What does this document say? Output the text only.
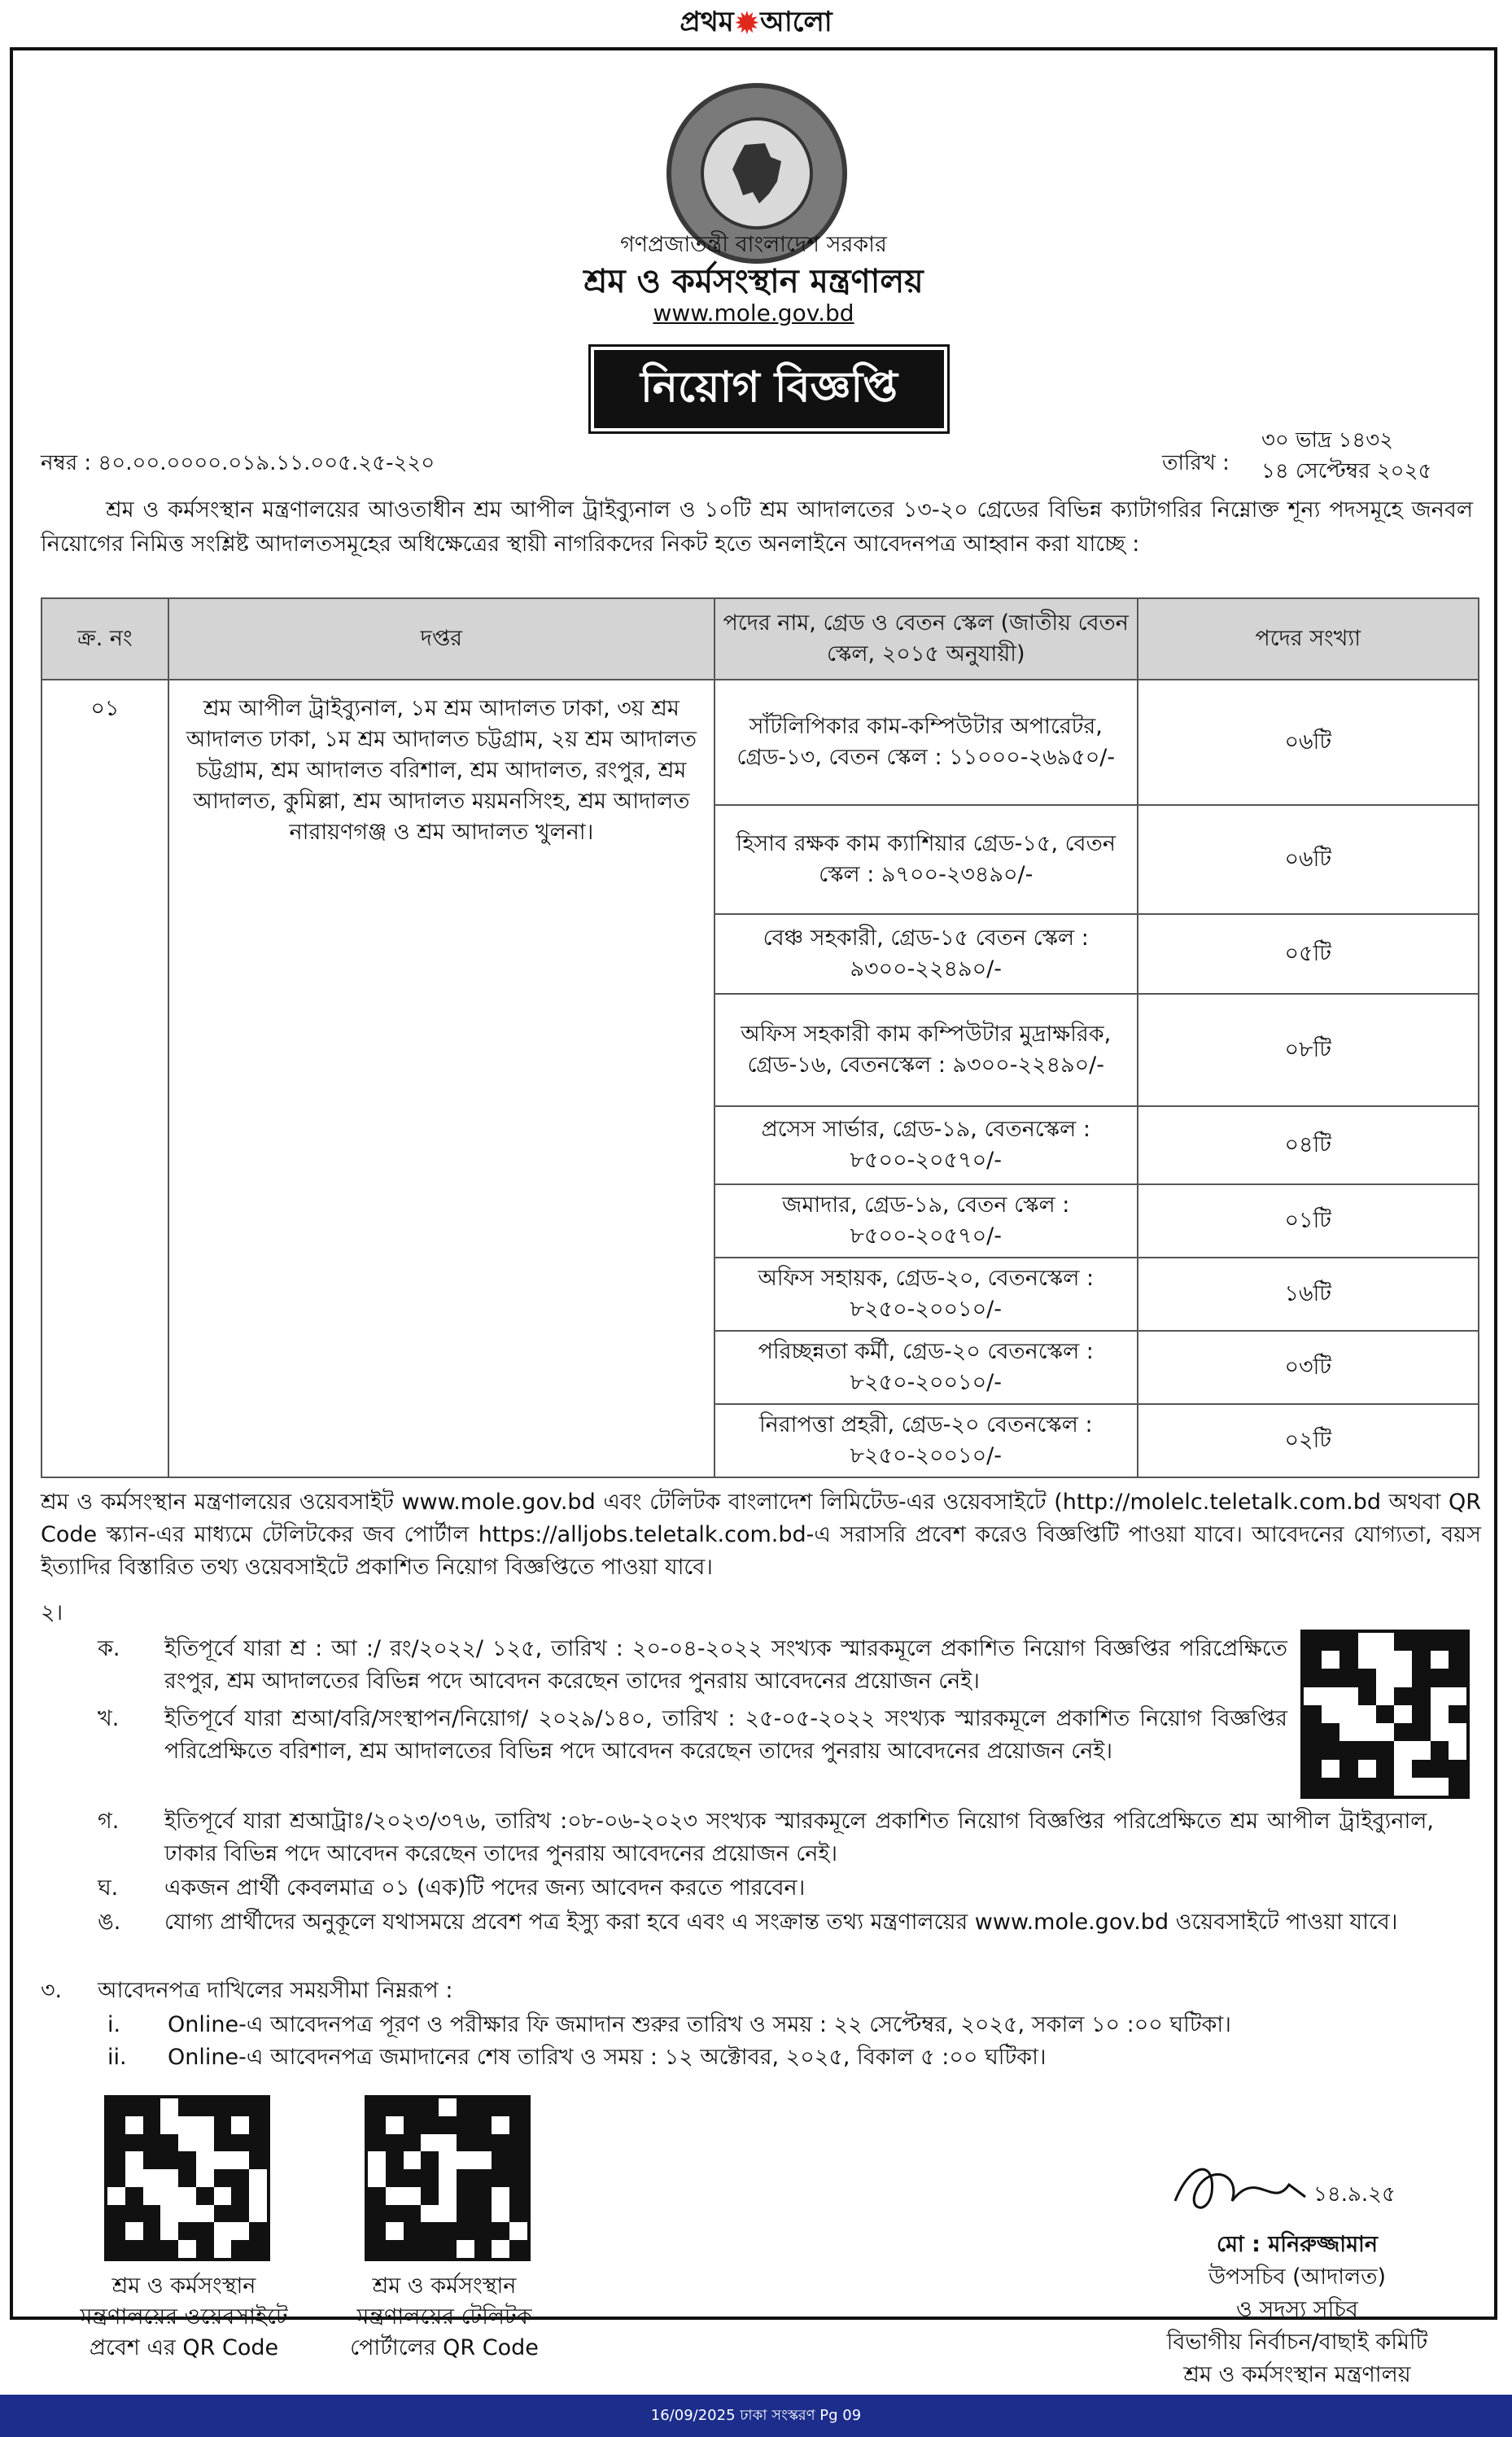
প্রথম ✹ আলো
গণপ্রজাতন্ত্রী বাংলাদেশ সরকার
শ্রম ও কর্মসংস্থান মন্ত্রণালয়
www.mole.gov.bd
নিয়োগ বিজ্ঞপ্তি
নম্বর : ৪০.০০.০০০০.০১৯.১১.০০৫.২৫-২২০	তারিখ :
৩০ ভাদ্র ১৪৩২
১৪ সেপ্টেম্বর ২০২৫
শ্রম ও কর্মসংস্থান মন্ত্রণালয়ের আওতাধীন শ্রম আপীল ট্রাইব্যুনাল ও ১০টি শ্রম আদালতের ১৩-২০ গ্রেডের বিভিন্ন ক্যাটাগরির নিম্নোক্ত শূন্য পদসমূহে জনবল নিয়োগের নিমিত্ত সংশ্লিষ্ট আদালতসমূহের অধিক্ষেত্রের স্থায়ী নাগরিকদের নিকট হতে অনলাইনে আবেদনপত্র আহ্বান করা যাচ্ছে :
ক্র. নং	দপ্তর	পদের নাম, গ্রেড ও বেতন স্কেল (জাতীয় বেতন স্কেল, ২০১৫ অনুযায়ী)	পদের সংখ্যা
০১	শ্রম আপীল ট্রাইব্যুনাল, ১ম শ্রম আদালত ঢাকা, ৩য় শ্রম আদালত ঢাকা, ১ম শ্রম আদালত চট্টগ্রাম, ২য় শ্রম আদালত চট্টগ্রাম, শ্রম আদালত বরিশাল, শ্রম আদালত, রংপুর, শ্রম আদালত, কুমিল্লা, শ্রম আদালত ময়মনসিংহ, শ্রম আদালত নারায়ণগঞ্জ ও শ্রম আদালত খুলনা।	সাঁটলিপিকার কাম-কম্পিউটার অপারেটর, গ্রেড-১৩, বেতন স্কেল : ১১০০০-২৬৯৫০/-	০৬টি
		হিসাব রক্ষক কাম ক্যাশিয়ার গ্রেড-১৫, বেতন স্কেল : ৯৭০০-২৩৪৯০/-	০৬টি
		বেঞ্চ সহকারী, গ্রেড-১৫ বেতন স্কেল : ৯৩০০-২২৪৯০/-	০৫টি
		অফিস সহকারী কাম কম্পিউটার মুদ্রাক্ষরিক, গ্রেড-১৬, বেতনস্কেল : ৯৩০০-২২৪৯০/-	০৮টি
		প্রসেস সার্ভার, গ্রেড-১৯, বেতনস্কেল : ৮৫০০-২০৫৭০/-	০৪টি
		জমাদার, গ্রেড-১৯, বেতন স্কেল : ৮৫০০-২০৫৭০/-	০১টি
		অফিস সহায়ক, গ্রেড-২০, বেতনস্কেল : ৮২৫০-২০০১০/-	১৬টি
		পরিচ্ছন্নতা কর্মী, গ্রেড-২০ বেতনস্কেল : ৮২৫০-২০০১০/-	০৩টি
		নিরাপত্তা প্রহরী, গ্রেড-২০ বেতনস্কেল : ৮২৫০-২০০১০/-	০২টি
শ্রম ও কর্মসংস্থান মন্ত্রণালয়ের ওয়েবসাইট www.mole.gov.bd এবং টেলিটক বাংলাদেশ লিমিটেড-এর ওয়েবসাইটে (http://molelc.teletalk.com.bd অথবা QR Code স্ক্যান-এর মাধ্যমে টেলিটকের জব পোর্টাল https://alljobs.teletalk.com.bd-এ সরাসরি প্রবেশ করেও বিজ্ঞপ্তিটি পাওয়া যাবে। আবেদনের যোগ্যতা, বয়স ইত্যাদির বিস্তারিত তথ্য ওয়েবসাইটে প্রকাশিত নিয়োগ বিজ্ঞপ্তিতে পাওয়া যাবে।
২।
ক. ইতিপূর্বে যারা শ্র : আ :/ রং/২০২২/ ১২৫, তারিখ : ২০-০৪-২০২২ সংখ্যক স্মারকমূলে প্রকাশিত নিয়োগ বিজ্ঞপ্তির পরিপ্রেক্ষিতে রংপুর, শ্রম আদালতের বিভিন্ন পদে আবেদন করেছেন তাদের পুনরায় আবেদনের প্রয়োজন নেই।
খ. ইতিপূর্বে যারা শ্রআ/বরি/সংস্থাপন/নিয়োগ/ ২০২৯/১৪০, তারিখ : ২৫-০৫-২০২২ সংখ্যক স্মারকমূলে প্রকাশিত নিয়োগ বিজ্ঞপ্তির পরিপ্রেক্ষিতে বরিশাল, শ্রম আদালতের বিভিন্ন পদে আবেদন করেছেন তাদের পুনরায় আবেদনের প্রয়োজন নেই।
গ. ইতিপূর্বে যারা শ্রআট্রাঃ/২০২৩/৩৭৬, তারিখ :০৮-০৬-২০২৩ সংখ্যক স্মারকমূলে প্রকাশিত নিয়োগ বিজ্ঞপ্তির পরিপ্রেক্ষিতে শ্রম আপীল ট্রাইব্যুনাল, ঢাকার বিভিন্ন পদে আবেদন করেছেন তাদের পুনরায় আবেদনের প্রয়োজন নেই।
ঘ. একজন প্রার্থী কেবলমাত্র ০১ (এক)টি পদের জন্য আবেদন করতে পারবেন।
ঙ. যোগ্য প্রার্থীদের অনুকূলে যথাসময়ে প্রবেশ পত্র ইস্যু করা হবে এবং এ সংক্রান্ত তথ্য মন্ত্রণালয়ের www.mole.gov.bd ওয়েবসাইটে পাওয়া যাবে।
৩. আবেদনপত্র দাখিলের সময়সীমা নিম্নরূপ :
i. Online-এ আবেদনপত্র পূরণ ও পরীক্ষার ফি জমাদান শুরুর তারিখ ও সময় : ২২ সেপ্টেম্বর, ২০২৫, সকাল ১০ :০০ ঘটিকা।
ii. Online-এ আবেদনপত্র জমাদানের শেষ তারিখ ও সময় : ১২ অক্টোবর, ২০২৫, বিকাল ৫ :০০ ঘটিকা।
শ্রম ও কর্মসংস্থান মন্ত্রণালয়ের ওয়েবসাইটে প্রবেশ এর QR Code
শ্রম ও কর্মসংস্থান মন্ত্রণালয়ের টেলিটক পোর্টালের QR Code
১৪.৯.২৫
মো : মনিরুজ্জামান
উপসচিব (আদালত)
ও সদস্য সচিব
বিভাগীয় নির্বাচন/বাছাই কমিটি
শ্রম ও কর্মসংস্থান মন্ত্রণালয়
16/09/2025 ঢাকা সংস্করণ Pg 09
